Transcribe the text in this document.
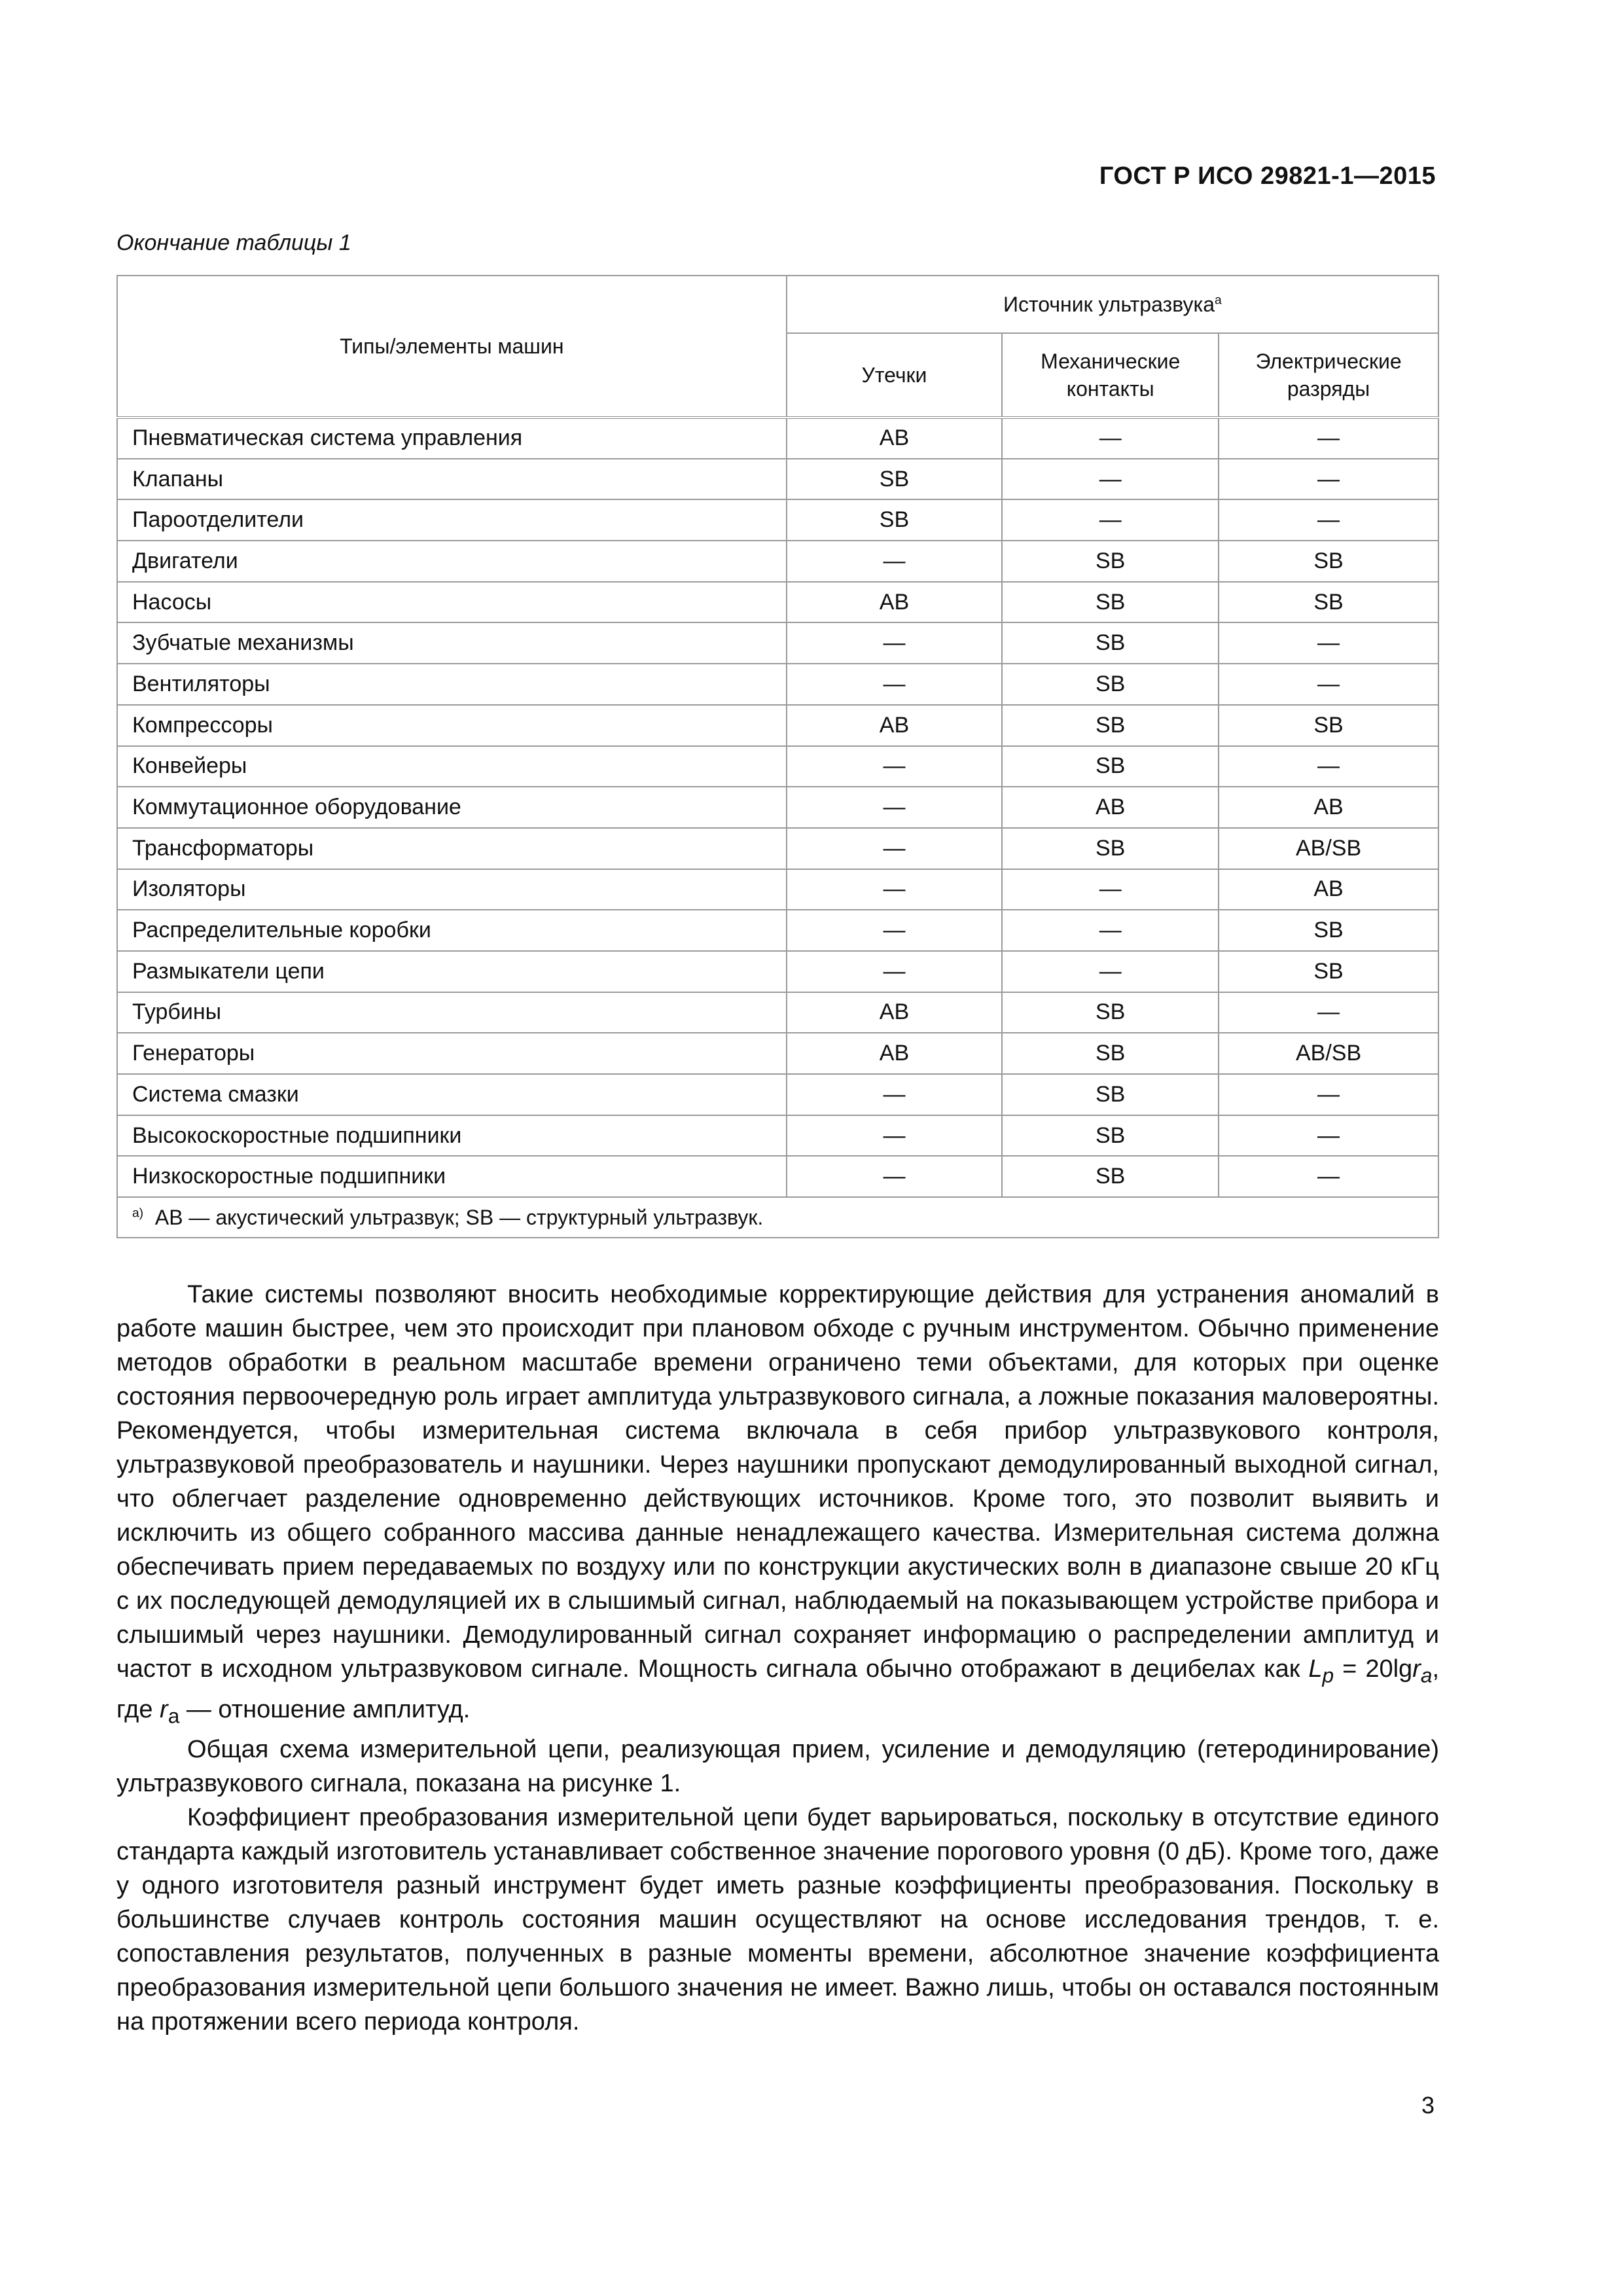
ГОСТ Р ИСО 29821-1—2015
Окончание таблицы 1
Типы/элементы машин	Источник ультразвука$^а$
	Утечки	Механические контакты	Электрические разряды
Пневматическая система управления	AB	—	—
Клапаны	SB	—	—
Пароотделители	SB	—	—
Двигатели	—	SB	SB
Насосы	AB	SB	SB
Зубчатые механизмы	—	SB	—
Вентиляторы	—	SB	—
Компрессоры	AB	SB	SB
Конвейеры	—	SB	—
Коммутационное оборудование	—	AB	AB
Трансформаторы	—	SB	AB/SB
Изоляторы	—	—	AB
Распределительные коробки	—	—	SB
Размыкатели цепи	—	—	SB
Турбины	AB	SB	—
Генераторы	AB	SB	AB/SB
Система смазки	—	SB	—
Высокоскоростные подшипники	—	SB	—
Низкоскоростные подшипники	—	SB	—
$^{а)}$ AB — акустический ультразвук; SB — структурный ультразвук.			

Такие системы позволяют вносить необходимые корректирующие действия для устранения аномалий в работе машин быстрее, чем это происходит при плановом обходе с ручным инструментом. Обычно применение методов обработки в реальном масштабе времени ограничено теми объектами, для которых при оценке состояния первоочередную роль играет амплитуда ультразвукового сигнала, а ложные показания маловероятны. Рекомендуется, чтобы измерительная система включала в себя прибор ультразвукового контроля, ультразвуковой преобразователь и наушники. Через наушники пропускают демодулированный выходной сигнал, что облегчает разделение одновременно действующих источников. Кроме того, это позволит выявить и исключить из общего собранного массива данные ненадлежащего качества. Измерительная система должна обеспечивать прием передаваемых по воздуху или по конструкции акустических волн в диапазоне свыше 20 кГц с их последующей демодуляцией их в слышимый сигнал, наблюдаемый на показывающем устройстве прибора и слышимый через наушники. Демодулированный сигнал сохраняет информацию о распределении амплитуд и частот в исходном ультразвуковом сигнале. Мощность сигнала обычно отображают в децибелах как $L_p = 20\lg r_a$, где $r_a$ — отношение амплитуд.

Общая схема измерительной цепи, реализующая прием, усиление и демодуляцию (гетеродинирование) ультразвукового сигнала, показана на рисунке 1.

Коэффициент преобразования измерительной цепи будет варьироваться, поскольку в отсутствие единого стандарта каждый изготовитель устанавливает собственное значение порогового уровня (0 дБ). Кроме того, даже у одного изготовителя разный инструмент будет иметь разные коэффициенты преобразования. Поскольку в большинстве случаев контроль состояния машин осуществляют на основе исследования трендов, т. е. сопоставления результатов, полученных в разные моменты времени, абсолютное значение коэффициента преобразования измерительной цепи большого значения не имеет. Важно лишь, чтобы он оставался постоянным на протяжении всего периода контроля.

3
